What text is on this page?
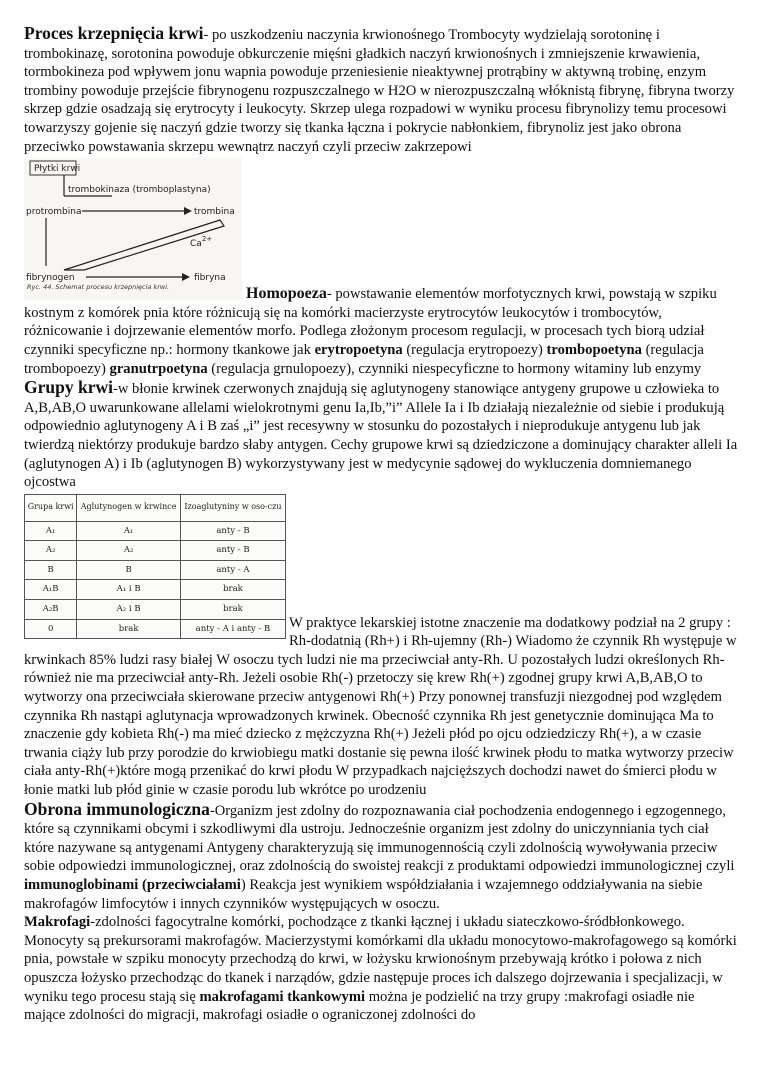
Proces krzepnięcia krwi- po uszkodzeniu naczynia krwionośnego Trombocyty wydzielają sorotoninę i trombokinazę, sorotonina powoduje obkurczenie mięśni gładkich naczyń krwionośnych i zmniejszenie krwawienia, tormbokineza pod wpływem jonu wapnia powoduje przeniesienie nieaktywnej protrąbiny w aktywną trobinę, enzym trombiny powoduje przejście fibrynogenu rozpuszczalnego w H2O w nierozpuszczalną włóknistą fibrynę, fibryna tworzy skrzep gdzie osadzają się erytrocyty i leukocyty. Skrzep ulega rozpadowi w wyniku procesu fibrynolizy temu procesowi towarzyszy gojenie się naczyń gdzie tworzy się tkanka łączna i pokrycie nabłonkiem, fibrynoliz jest jako obrona przeciwko powstawania skrzepu wewnątrz naczyń czyli przeciw zakrzepowi

Płytki krwi
trombokinaza (tromboplastyna)
protrombina	trombina
$Ca^{2+}$
fibrynogen	fibryna
Ryc. 44. Schemat procesu krzepnięcia krwi.	Homopoeza- powstawanie elementów morfotycznych krwi, powstają w szpiku kostnym z komórek pnia które różnicują się na komórki macierzyste erytrocytów leukocytów i trombocytów, różnicowanie i dojrzewanie elementów morfo. Podlega złożonym procesom regulacji, w procesach tych biorą udział czynniki specyficzne np.: hormony tkankowe jak erytropoetyna (regulacja erytropoezy) trombopoetyna (regulacja trombopoezy) granutrpoetyna (regulacja grnulopoezy), czynniki niespecyficzne to hormony witaminy lub enzymy

Grupy krwi-w błonie krwinek czerwonych znajdują się aglutynogeny stanowiące antygeny grupowe u człowieka to A,B,AB,O uwarunkowane allelami wielokrotnymi genu Ia,Ib,”i” Allele Ia i Ib działają niezależnie od siebie i produkują odpowiednio aglutynogeny A i B zaś „i” jest recesywny w stosunku do pozostałych i nieprodukuje antygenu lub jak twierdzą niektórzy produkuje bardzo słaby antygen. Cechy grupowe krwi są dziedziczone a dominujący charakter alleli Ia (aglutynogen A) i Ib (aglutynogen B) wykorzystywany jest w medycynie sądowej do wykluczenia domniemanego ojcostwa

Grupa krwi	Aglutynogen w krwince	Izoaglutyniny w oso-czu
A₁	A₁	anty - B
A₂	A₂	anty - B
B	B	anty - A
A₁B	A₁ i B	brak
A₂B	A₂ i B	brak
0	brak	anty - A i anty - B	W praktyce lekarskiej istotne znaczenie ma dodatkowy podział na 2 grupy : Rh-dodatnią (Rh+) i Rh-ujemny (Rh-) Wiadomo że czynnik Rh występuje w krwinkach 85% ludzi rasy białej W osoczu tych ludzi nie ma przeciwciał anty-Rh. U pozostałych ludzi określonych Rh- również nie ma przeciwciał anty-Rh. Jeżeli osobie Rh(-) przetoczy się krew Rh(+) zgodnej grupy krwi A,B,AB,O to wytworzy ona przeciwciała skierowane przeciw antygenowi Rh(+) Przy ponownej transfuzji niezgodnej pod względem czynnika Rh nastąpi aglutynacja wprowadzonych krwinek. Obecność czynnika Rh jest genetycznie dominująca Ma to znaczenie gdy kobieta Rh(-) ma mieć dziecko z mężczyzna Rh(+) Jeżeli płód po ojcu odziedziczy Rh(+), a w czasie trwania ciąży lub przy porodzie do krwiobiegu matki dostanie się pewna ilość krwinek płodu to matka wytworzy przeciw ciała anty-Rh(+)które mogą przenikać do krwi płodu W przypadkach najcięższych dochodzi nawet do śmierci płodu w łonie matki lub płód ginie w czasie porodu lub wkrótce po urodzeniu

Obrona immunologiczna-Organizm jest zdolny do rozpoznawania ciał pochodzenia endogennego i egzogennego, które są czynnikami obcymi i szkodliwymi dla ustroju. Jednocześnie organizm jest zdolny do uniczynniania tych ciał które nazywane są antygenami Antygeny charakteryzują się immunogennością czyli zdolnością wywoływania przeciw sobie odpowiedzi immunologicznej, oraz zdolnością do swoistej reakcji z produktami odpowiedzi immunologicznej czyli immunoglobinami (przeciwciałami) Reakcja jest wynikiem współdziałania i wzajemnego oddziaływania na siebie makrofagów limfocytów i innych czynników występujących w osoczu.

Makrofagi-zdolności fagocytralne komórki, pochodzące z tkanki łącznej i układu siateczkowo-śródbłonkowego. Monocyty są prekursorami makrofagów. Macierzystymi komórkami dla układu monocytowo-makrofagowego są komórki pnia, powstałe w szpiku monocyty przechodzą do krwi, w łożysku krwionośnym przebywają krótko i połowa z nich opuszcza łożysko przechodząc do tkanek i narządów, gdzie następuje proces ich dalszego dojrzewania i specjalizacji, w wyniku tego procesu stają się makrofagami tkankowymi można je podzielić na trzy grupy :makrofagi osiadłe nie mające zdolności do migracji, makrofagi osiadłe o ograniczonej zdolności do
